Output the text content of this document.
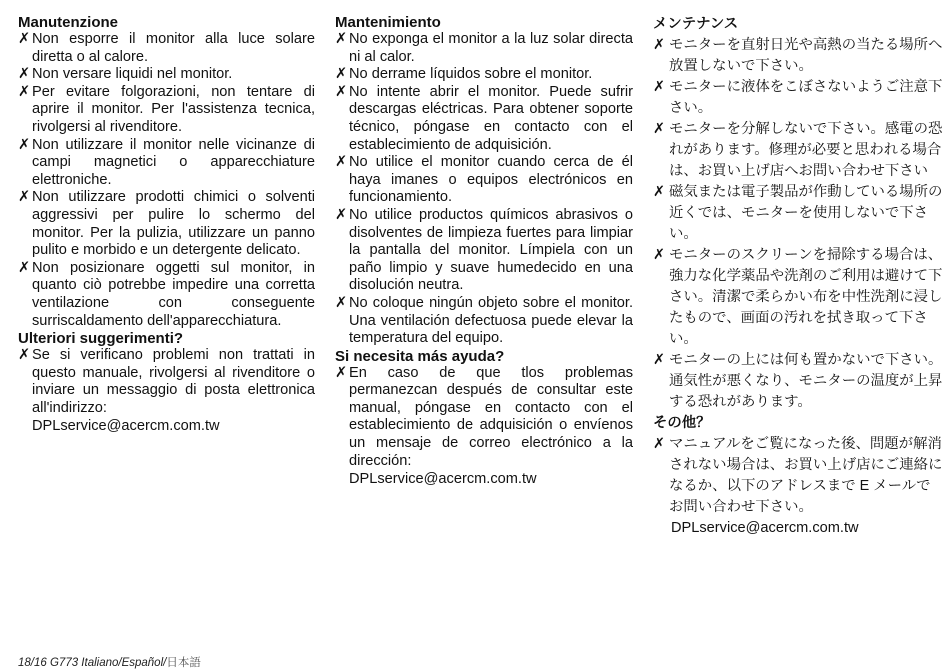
Manutenzione
✗ Non esporre il monitor alla luce solare diretta o al calore.
✗ Non versare liquidi nel monitor.
✗ Per evitare folgorazioni, non tentare di aprire il monitor. Per l'assistenza tecnica, rivolgersi al rivenditore.
✗ Non utilizzare il monitor nelle vicinanze di campi magnetici o apparecchiature elettroniche.
✗ Non utilizzare prodotti chimici o solventi aggressivi per pulire lo schermo del monitor. Per la pulizia, utilizzare un panno pulito e morbido e un detergente delicato.
✗ Non posizionare oggetti sul monitor, in quanto ciò potrebbe impedire una corretta ventilazione con conseguente surriscaldamento dell'apparecchiatura.
Ulteriori suggerimenti?
✗ Se si verificano problemi non trattati in questo manuale, rivolgersi al rivenditore o inviare un messaggio di posta elettronica all'indirizzo:
DPLservice@acercm.com.tw
Mantenimiento
✗ No exponga el monitor a la luz solar directa ni al calor.
✗ No derrame líquidos sobre el monitor.
✗ No intente abrir el monitor. Puede sufrir descargas eléctricas. Para obtener soporte técnico, póngase en contacto con el establecimiento de adquisición.
✗ No utilice el monitor cuando cerca de él haya imanes o equipos electrónicos en funcionamiento.
✗ No utilice productos químicos abrasivos o disolventes de limpieza fuertes para limpiar la pantalla del monitor. Límpiela con un paño limpio y suave humedecido en una disolución neutra.
✗ No coloque ningún objeto sobre el monitor. Una ventilación defectuosa puede elevar la temperatura del equipo.
Si necesita más ayuda?
✗ En caso de que tlos problemas permanezcan después de consultar este manual, póngase en contacto con el establecimiento de adquisición o envíenos un mensaje de correo electrónico a la dirección:
DPLservice@acercm.com.tw
メンテナンス
✗ モニターを直射日光や高熱の当たる場所へ放置しないで下さい。
✗ モニターに液体をこぼさないようご注意下さい。
✗ モニターを分解しないで下さい。感電の恐れがあります。修理が必要と思われる場合は、お買い上げ店へお問い合わせ下さい
✗ 磁気または電子製品が作動している場所の近くでは、モニターを使用しないで下さい。
✗ モニターのスクリーンを掃除する場合は、強力な化学薬品や洗剤のご利用は避けて下さい。清潔で柔らかい布を中性洗剤に浸したもので、画面の汚れを拭き取って下さい。
✗ モニターの上には何も置かないで下さい。通気性が悪くなり、モニターの温度が上昇する恐れがあります。
その他？
✗ マニュアルをご覧になった後、問題が解消されない場合は、お買い上げ店にご連絡になるか、以下のアドレスまで E メールでお問い合わせ下さい。
DPLservice@acercm.com.tw
18/16 G773 Italiano/Español/日本語
